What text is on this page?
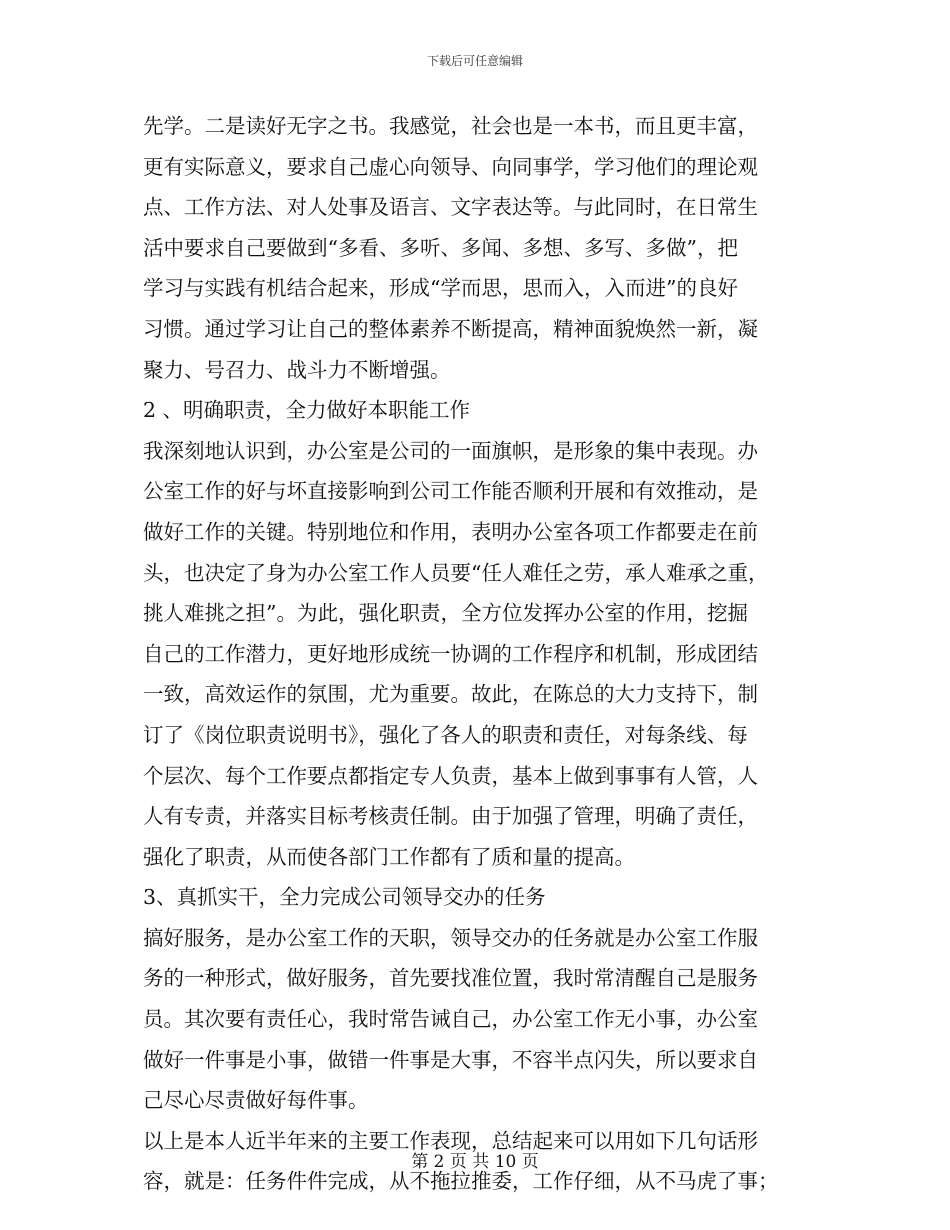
下载后可任意编辑
先学。二是读好无字之书。我感觉，社会也是一本书，而且更丰富，
更有实际意义，要求自己虚心向领导、向同事学，学习他们的理论观
点、工作方法、对人处事及语言、文字表达等。与此同时，在日常生
活中要求自己要做到“多看、多听、多闻、多想、多写、多做”，把
学习与实践有机结合起来，形成“学而思，思而入，入而进”的良好
习惯。通过学习让自己的整体素养不断提高，精神面貌焕然一新，凝
聚力、号召力、战斗力不断增强。
2 、明确职责，全力做好本职能工作
我深刻地认识到，办公室是公司的一面旗帜，是形象的集中表现。办
公室工作的好与坏直接影响到公司工作能否顺利开展和有效推动，是
做好工作的关键。特别地位和作用，表明办公室各项工作都要走在前
头，也决定了身为办公室工作人员要“任人难任之劳，承人难承之重，
挑人难挑之担”。为此，强化职责，全方位发挥办公室的作用，挖掘
自己的工作潜力，更好地形成统一协调的工作程序和机制，形成团结
一致，高效运作的氛围，尤为重要。故此，在陈总的大力支持下，制
订了《岗位职责说明书》，强化了各人的职责和责任，对每条线、每
个层次、每个工作要点都指定专人负责，基本上做到事事有人管，人
人有专责，并落实目标考核责任制。由于加强了管理，明确了责任，
强化了职责，从而使各部门工作都有了质和量的提高。
3、真抓实干，全力完成公司领导交办的任务
搞好服务，是办公室工作的天职，领导交办的任务就是办公室工作服
务的一种形式，做好服务，首先要找准位置，我时常清醒自己是服务
员。其次要有责任心，我时常告诫自己，办公室工作无小事，办公室
做好一件事是小事，做错一件事是大事，不容半点闪失，所以要求自
己尽心尽责做好每件事。
以上是本人近半年来的主要工作表现，总结起来可以用如下几句话形
容，就是：任务件件完成，从不拖拉推委，工作仔细，从不马虎了事；
第 2 页 共 10 页
